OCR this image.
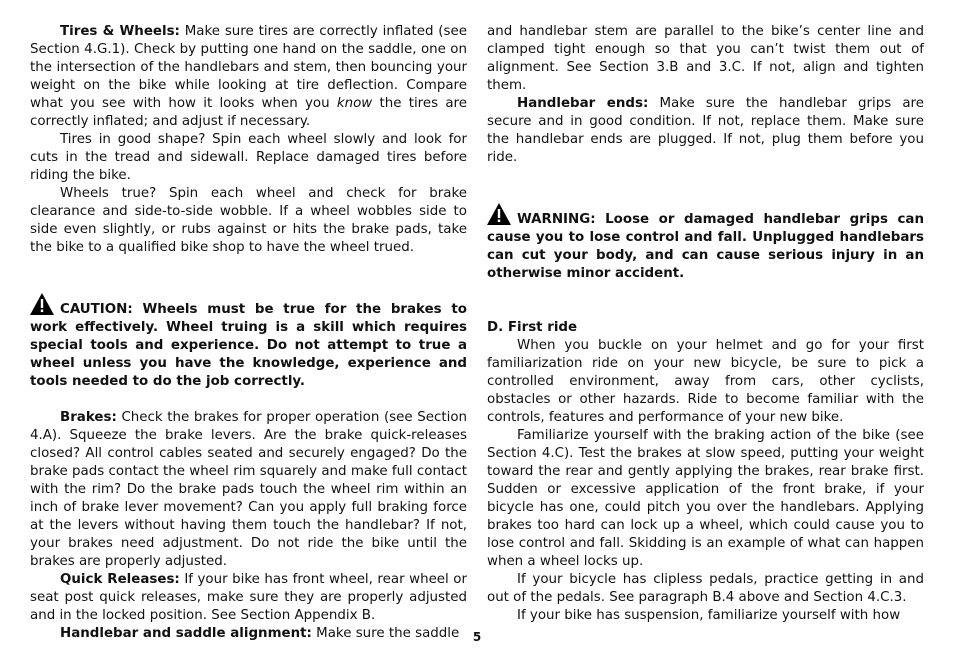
Tires & Wheels: Make sure tires are correctly inflated (see Section 4.G.1). Check by putting one hand on the saddle, one on the intersection of the handlebars and stem, then bouncing your weight on the bike while looking at tire deflection. Compare what you see with how it looks when you know the tires are correctly inflated; and adjust if necessary.

Tires in good shape? Spin each wheel slowly and look for cuts in the tread and sidewall. Replace damaged tires before riding the bike.

Wheels true? Spin each wheel and check for brake clearance and side-to-side wobble. If a wheel wobbles side to side even slightly, or rubs against or hits the brake pads, take the bike to a qualified bike shop to have the wheel trued.

CAUTION: Wheels must be true for the brakes to work effectively. Wheel truing is a skill which requires special tools and experience. Do not attempt to true a wheel unless you have the knowledge, experience and tools needed to do the job correctly.

Brakes: Check the brakes for proper operation (see Section 4.A). Squeeze the brake levers. Are the brake quick-releases closed? All control cables seated and securely engaged? Do the brake pads contact the wheel rim squarely and make full contact with the rim? Do the brake pads touch the wheel rim within an inch of brake lever movement? Can you apply full braking force at the levers without having them touch the handlebar? If not, your brakes need adjustment. Do not ride the bike until the brakes are properly adjusted.

Quick Releases: If your bike has front wheel, rear wheel or seat post quick releases, make sure they are properly adjusted and in the locked position. See Section Appendix B.

Handlebar and saddle alignment: Make sure the saddle

and handlebar stem are parallel to the bike’s center line and clamped tight enough so that you can’t twist them out of alignment. See Section 3.B and 3.C. If not, align and tighten them.

Handlebar ends: Make sure the handlebar grips are secure and in good condition. If not, replace them. Make sure the handlebar ends are plugged. If not, plug them before you ride.

WARNING: Loose or damaged handlebar grips can cause you to lose control and fall. Unplugged handlebars can cut your body, and can cause serious injury in an otherwise minor accident.

D. First ride

When you buckle on your helmet and go for your first familiarization ride on your new bicycle, be sure to pick a controlled environment, away from cars, other cyclists, obstacles or other hazards. Ride to become familiar with the controls, features and performance of your new bike.

Familiarize yourself with the braking action of the bike (see Section 4.C). Test the brakes at slow speed, putting your weight toward the rear and gently applying the brakes, rear brake first. Sudden or excessive application of the front brake, if your bicycle has one, could pitch you over the handlebars. Applying brakes too hard can lock up a wheel, which could cause you to lose control and fall. Skidding is an example of what can happen when a wheel locks up.

If your bicycle has clipless pedals, practice getting in and out of the pedals. See paragraph B.4 above and Section 4.C.3.

If your bike has suspension, familiarize yourself with how

5
